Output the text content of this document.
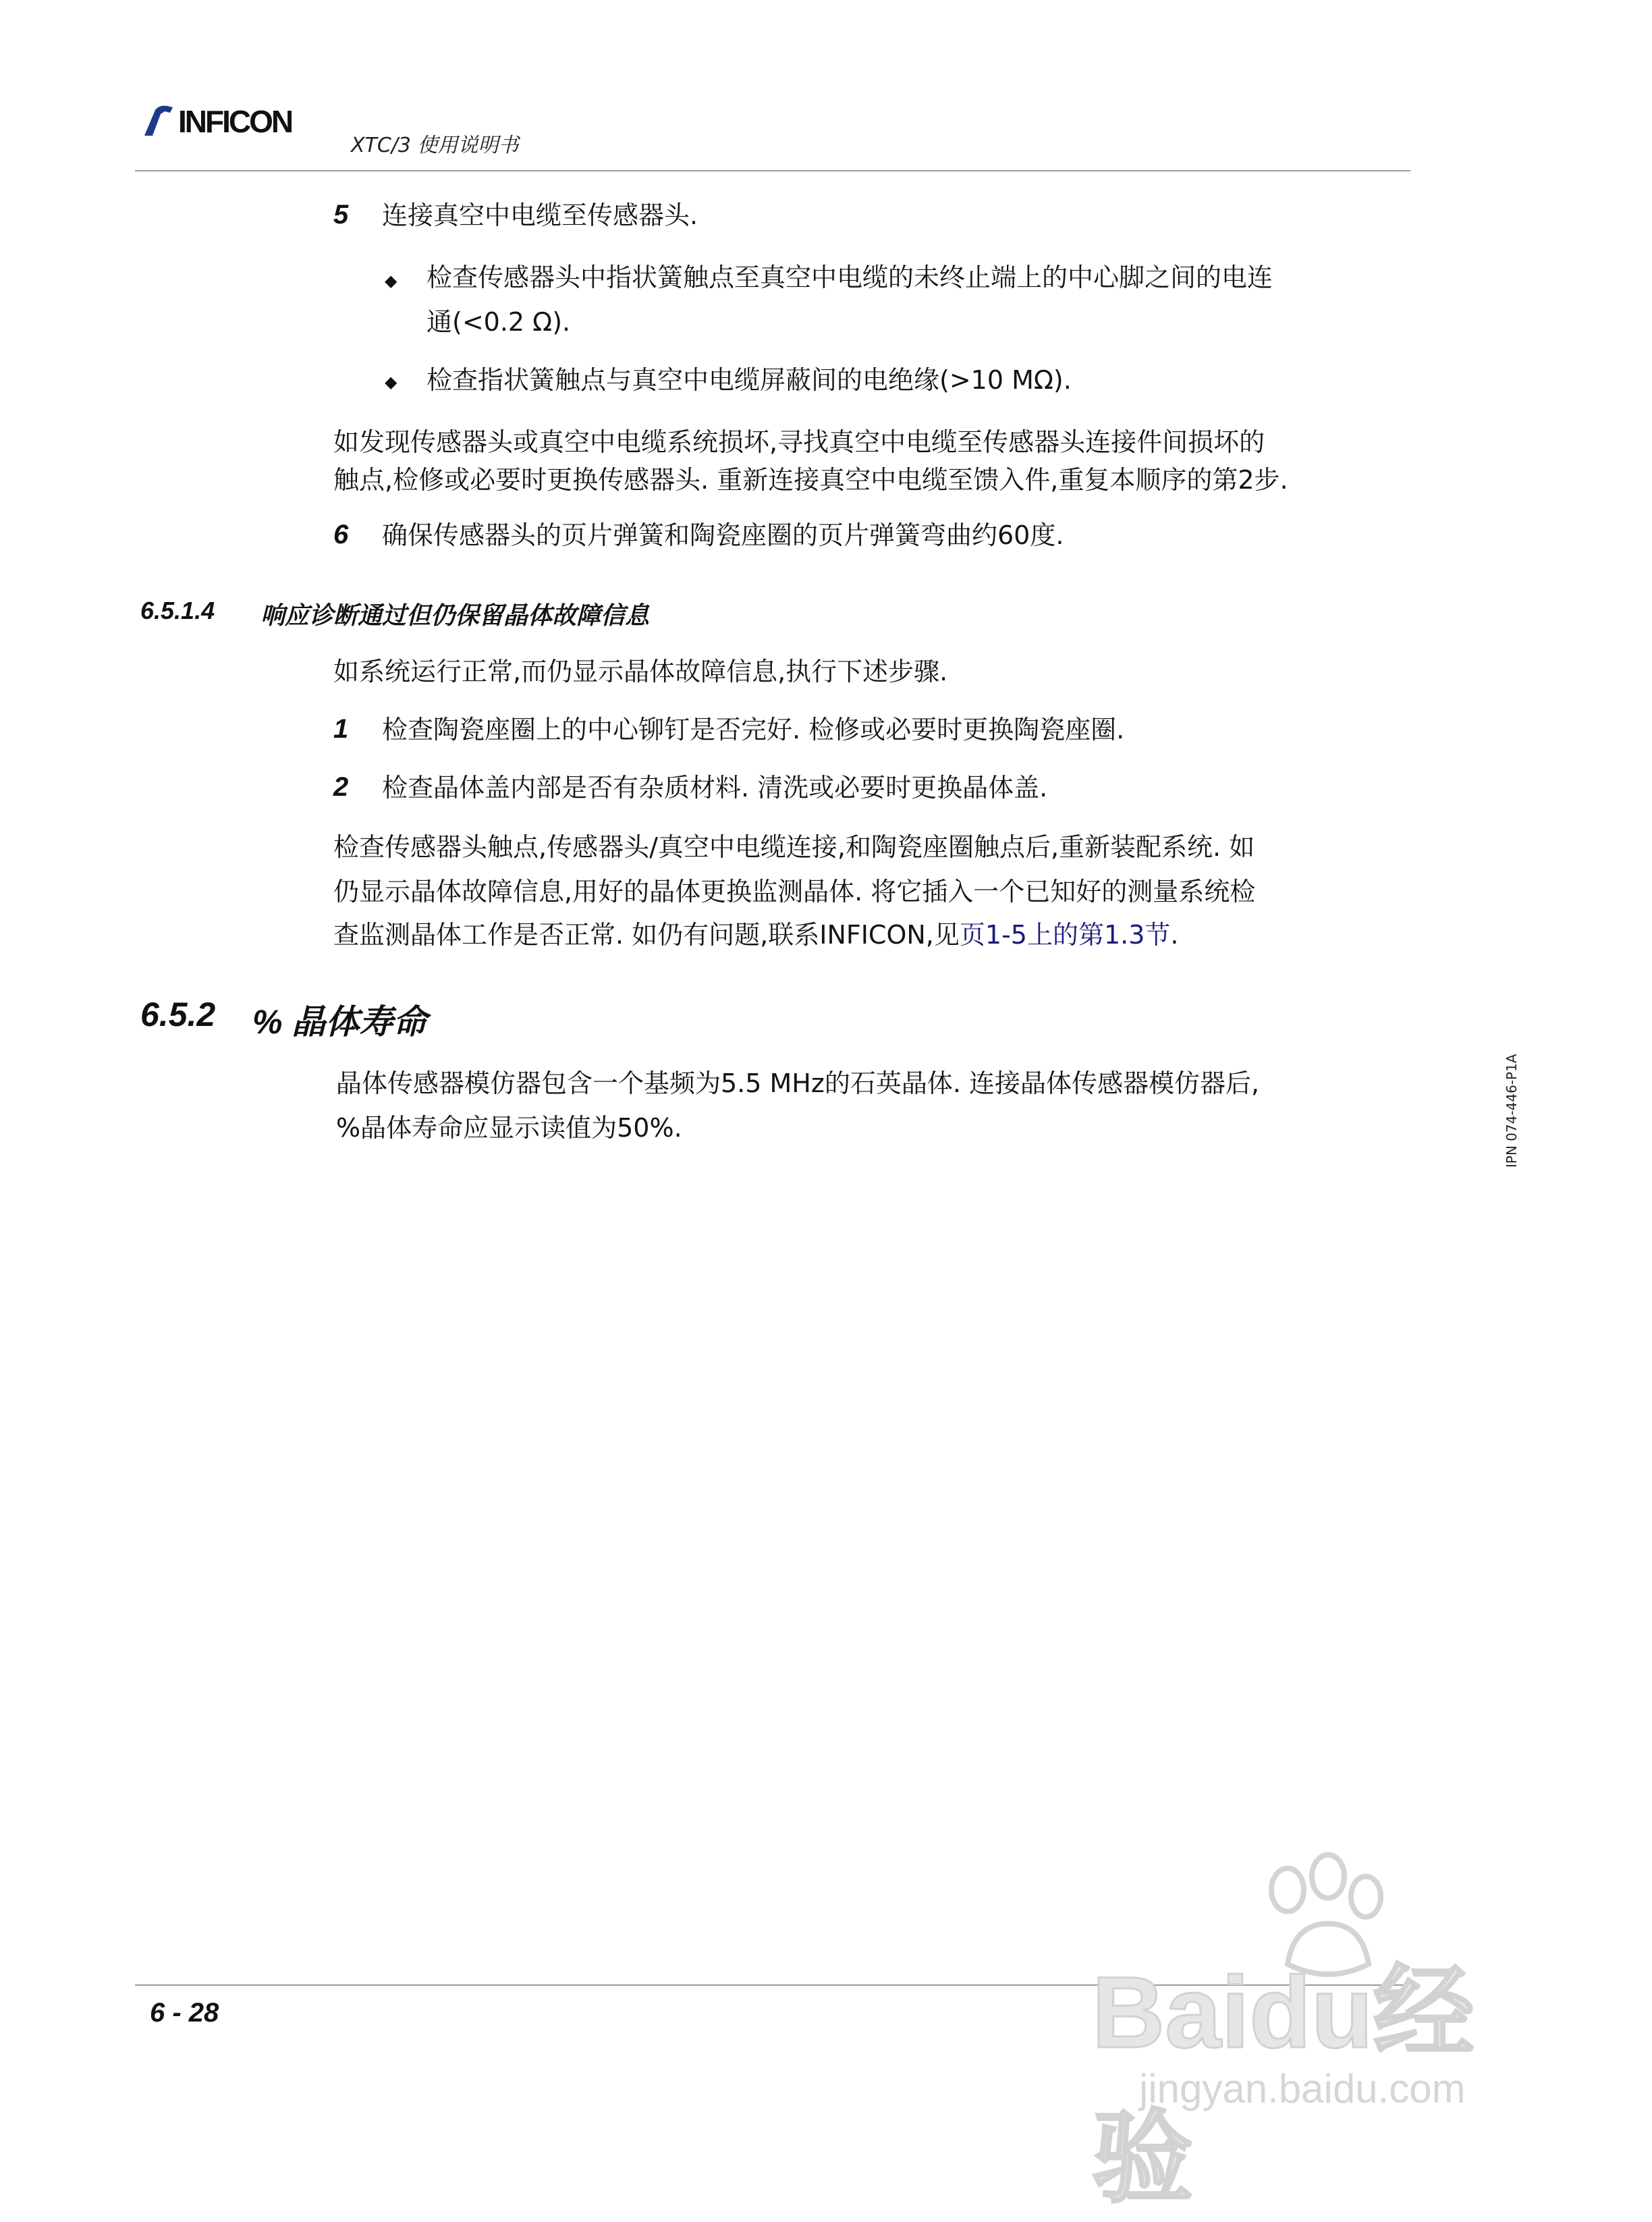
INFICON
XTC/3 使用说明书
5 连接真空中电缆至传感器头.
◆ 检查传感器头中指状簧触点至真空中电缆的未终止端上的中心脚之间的电连
通(<0.2 Ω).
◆ 检查指状簧触点与真空中电缆屏蔽间的电绝缘(>10 MΩ).
如发现传感器头或真空中电缆系统损坏,寻找真空中电缆至传感器头连接件间损坏的
触点,检修或必要时更换传感器头. 重新连接真空中电缆至馈入件,重复本顺序的第2步.
6 确保传感器头的页片弹簧和陶瓷座圈的页片弹簧弯曲约60度.
6.5.1.4 响应诊断通过但仍保留晶体故障信息
如系统运行正常,而仍显示晶体故障信息,执行下述步骤.
1 检查陶瓷座圈上的中心铆钉是否完好. 检修或必要时更换陶瓷座圈.
2 检查晶体盖内部是否有杂质材料. 清洗或必要时更换晶体盖.
检查传感器头触点,传感器头/真空中电缆连接,和陶瓷座圈触点后,重新装配系统. 如
仍显示晶体故障信息,用好的晶体更换监测晶体. 将它插入一个已知好的测量系统检
查监测晶体工作是否正常. 如仍有问题,联系INFICON,见页1-5上的第1.3节.
6.5.2 % 晶体寿命
晶体传感器模仿器包含一个基频为5.5 MHz的石英晶体. 连接晶体传感器模仿器后,
%晶体寿命应显示读值为50%.	IPN 074-446-P1A
6 - 28	Baidu经验
jingyan.baidu.com
